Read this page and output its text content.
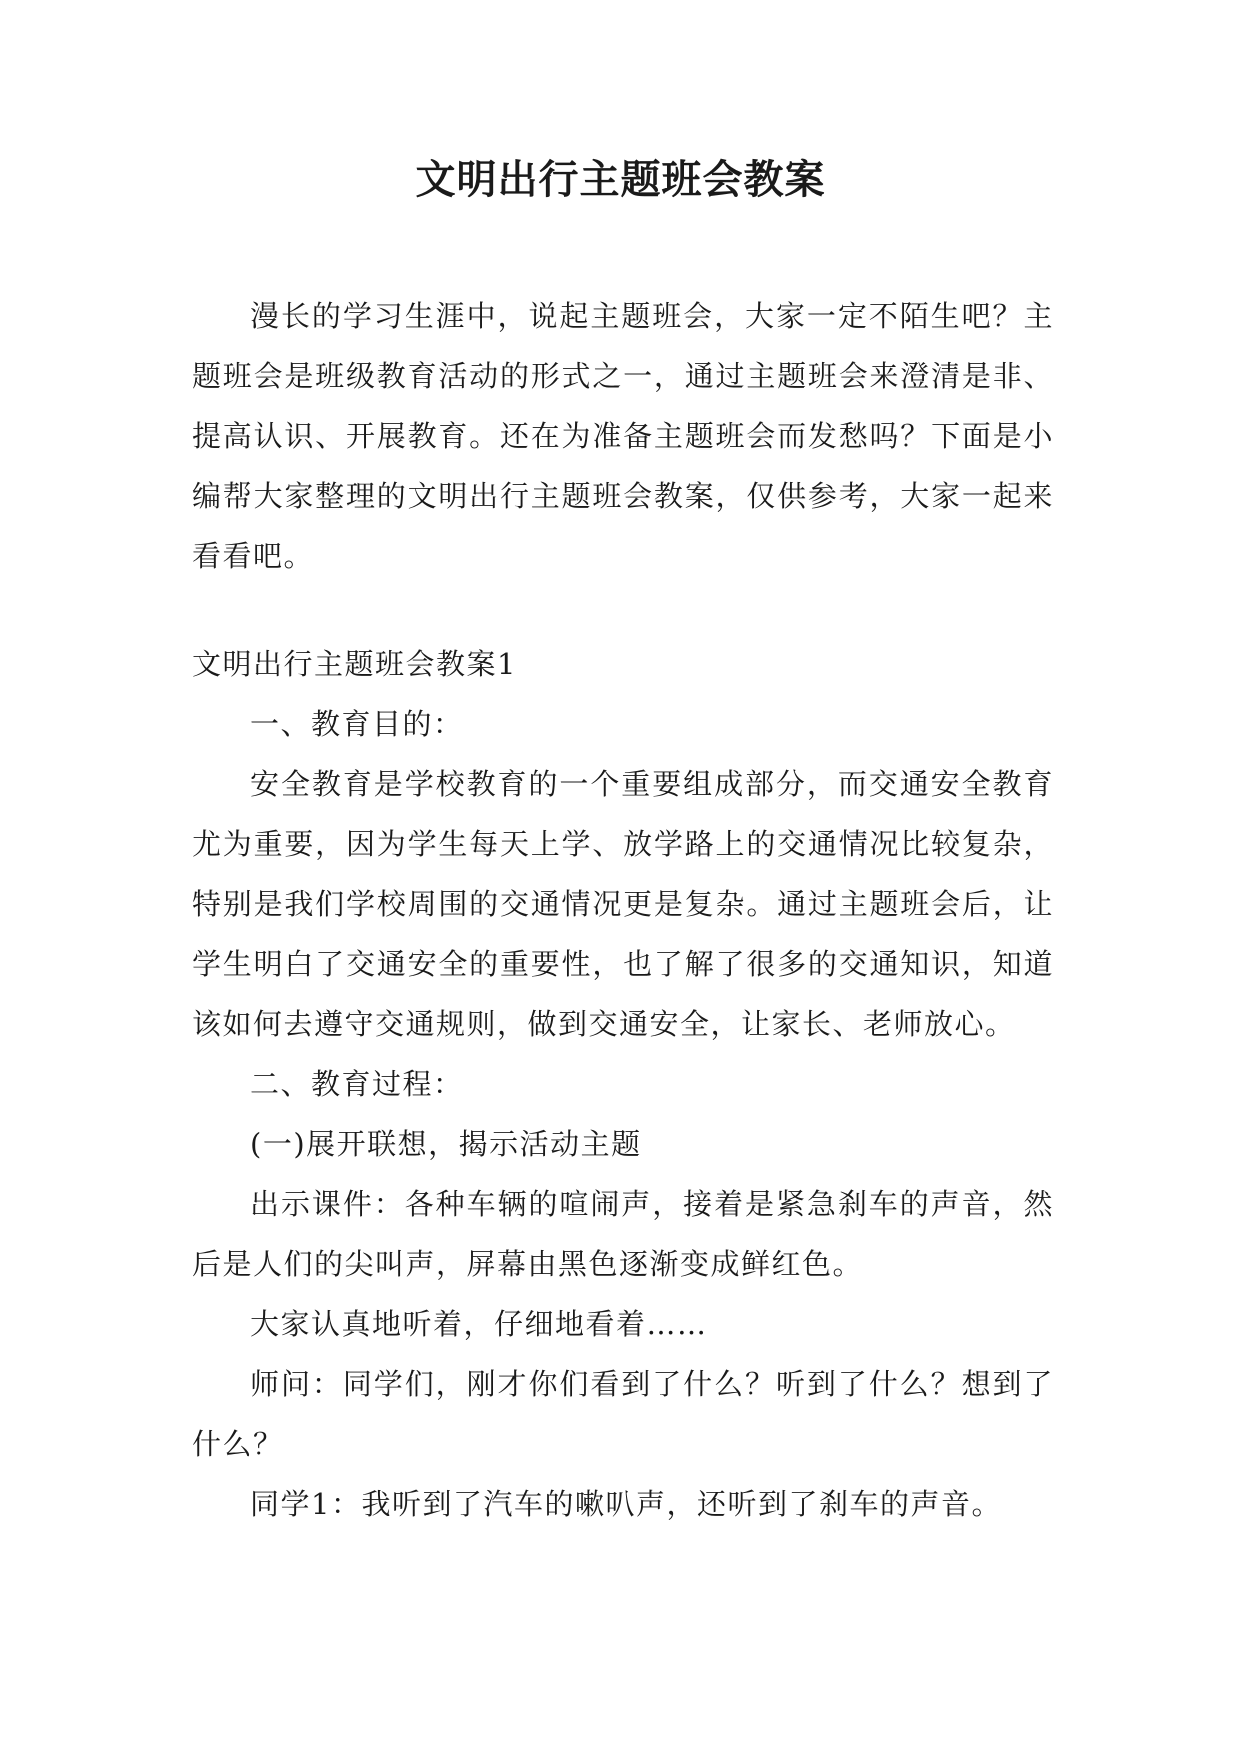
文明出行主题班会教案

漫长的学习生涯中，说起主题班会，大家一定不陌生吧？主题班会是班级教育活动的形式之一，通过主题班会来澄清是非、提高认识、开展教育。还在为准备主题班会而发愁吗？下面是小编帮大家整理的文明出行主题班会教案，仅供参考，大家一起来看看吧。

文明出行主题班会教案1

一、教育目的：

安全教育是学校教育的一个重要组成部分，而交通安全教育尤为重要，因为学生每天上学、放学路上的交通情况比较复杂，特别是我们学校周围的交通情况更是复杂。通过主题班会后，让学生明白了交通安全的重要性，也了解了很多的交通知识，知道该如何去遵守交通规则，做到交通安全，让家长、老师放心。

二、教育过程：

(一)展开联想，揭示活动主题

出示课件：各种车辆的喧闹声，接着是紧急刹车的声音，然后是人们的尖叫声，屏幕由黑色逐渐变成鲜红色。

大家认真地听着，仔细地看着……

师问：同学们，刚才你们看到了什么？听到了什么？想到了什么？

同学1：我听到了汽车的嗽叭声，还听到了刹车的声音。
